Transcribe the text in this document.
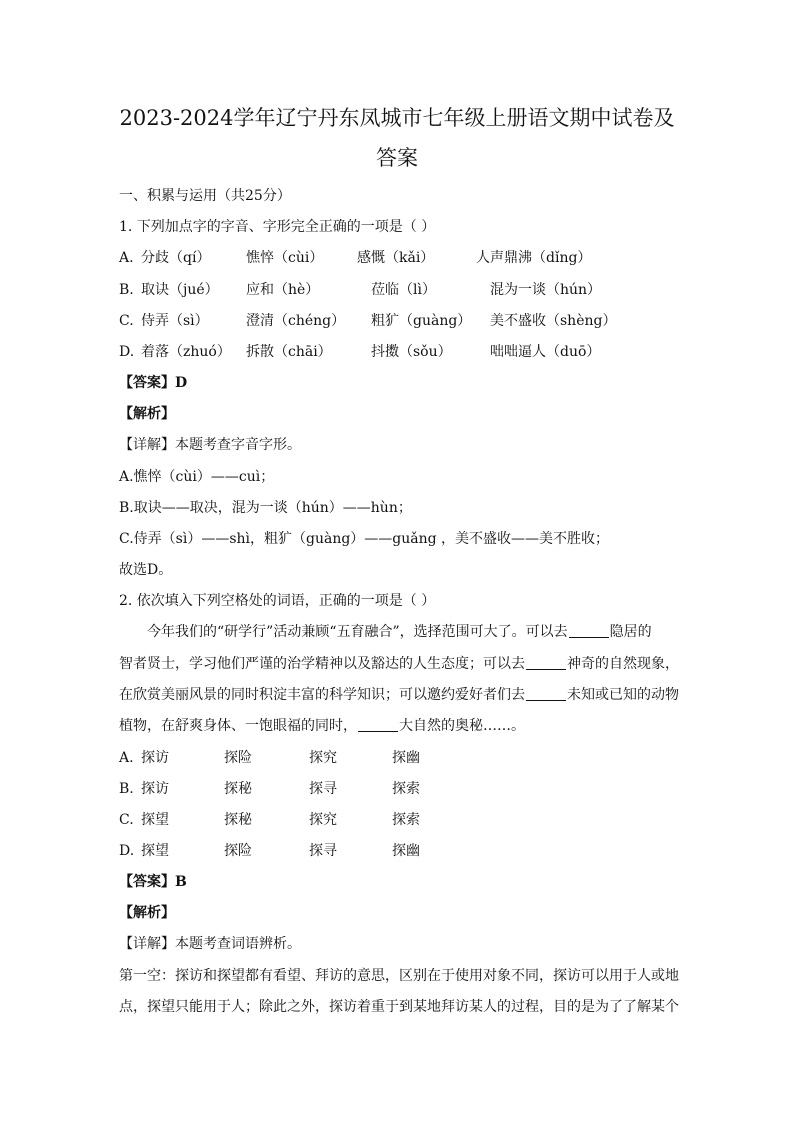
2023-2024学年辽宁丹东凤城市七年级上册语文期中试卷及
答案
一、积累与运用（共25分）
1. 下列加点字的字音、字形完全正确的一项是（ ）
A. 分歧（qí）	憔悴（cùi） 感慨（kǎi）	人声鼎沸（dǐng）
B. 取诀（jué） 应和（hè）	莅临（lì）	混为一谈（hún）
C. 侍弄（sì）	澄清（chéng） 粗犷（guàng） 美不盛收（shèng）
D. 着落（zhuó） 拆散（chāi）	抖擞（sǒu）	咄咄逼人（duō）
【答案】D
【解析】
【详解】本题考查字音字形。
A.憔悴（cùi）——cuì；
B.取诀——取决，混为一谈（hún）——hùn；
C.侍弄（sì）——shì，粗犷（guàng）——guǎng ，美不盛收——美不胜收；
故选D。
2. 依次填入下列空格处的词语，正确的一项是（ ）
今年我们的“研学行”活动兼顾“五育融合”，选择范围可大了。可以去	隐居的
智者贤士，学习他们严谨的治学精神以及豁达的人生态度；可以去	神奇的自然现象，
在欣赏美丽风景的同时积淀丰富的科学知识；可以邀约爱好者们去	未知或已知的动物
植物，在舒爽身体、一饱眼福的同时，	大自然的奥秘……。
A. 探访	探险	探究	探幽
B. 探访	探秘	探寻	探索
C. 探望	探秘	探究	探索
D. 探望	探险	探寻	探幽
【答案】B
【解析】
【详解】本题考查词语辨析。
第一空：探访和探望都有看望、拜访的意思，区别在于使用对象不同，探访可以用于人或地
点，探望只能用于人；除此之外，探访着重于到某地拜访某人的过程，目的是为了了解某个
